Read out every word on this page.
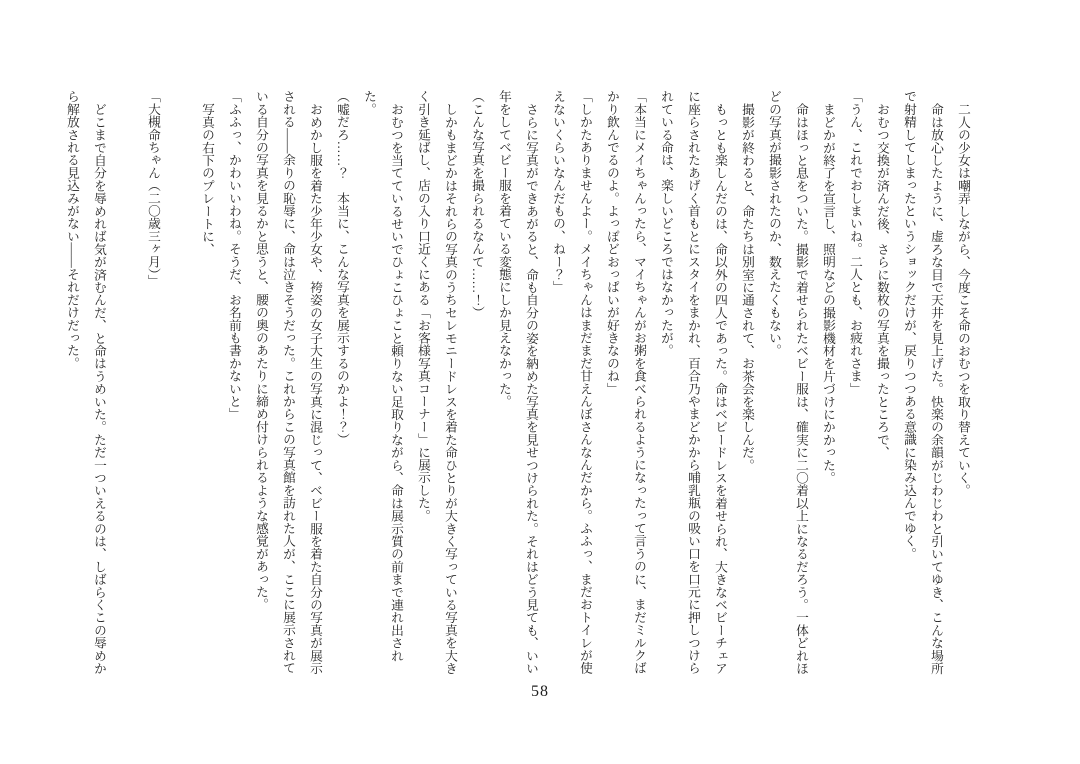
二人の少女は嘲弄しながら、今度こそ命のおむつを取り替えていく。

命は放心したように、虚ろな目で天井を見上げた。快楽の余韻がじわじわと引いてゆき、こんな場所で射精してしまったというショックだけが、戻りつつある意識に染み込んでゆく。

おむつ交換が済んだ後、さらに数枚の写真を撮ったところで、

「うん、これでおしまいね。二人とも、お疲れさま」

まどかが終了を宣言し、照明などの撮影機材を片づけにかかった。

命はほっと息をついた。撮影で着せられたベビー服は、確実に二〇着以上になるだろう。一体どれほどの写真が撮影されたのか、数えたくもない。

撮影が終わると、命たちは別室に通されて、お茶会を楽しんだ。

もっとも楽しんだのは、命以外の四人であった。命はベビードレスを着せられ、大きなベビーチェアに座らされたあげく首もとにスタイをまかれ、百合乃やまどかから哺乳瓶の吸い口を口元に押しつけられている命は、楽しいどころではなかったが。

「本当にメイちゃんったら、マイちゃんがお粥を食べられるようになったって言うのに、まだミルクばかり飲んでるのよ。よっぽどおっぱいが好きなのね」

「しかたありませんよー。メイちゃんはまだまだ甘えんぼさんなんだから。ふふっ、まだおトイレが使えないくらいなんだもの、ねー？」

さらに写真ができあがると、命も自分の姿を納めた写真を見せつけられた。それはどう見ても、いい年をしてベビー服を着ている変態にしか見えなかった。

（こんな写真を撮られるなんて……！）

しかもまどかはそれらの写真のうちセレモニードレスを着た命ひとりが大きく写っている写真を大きく引き延ばし、店の入り口近くにある「お客様写真コーナー」に展示した。

おむつを当てているせいでひょこひょこと頼りない足取りながら、命は展示質の前まで連れ出された。

（嘘だろ……？　本当に、こんな写真を展示するのかよ！？）

おめかし服を着た少年少女や、袴姿の女子大生の写真に混じって、ベビー服を着た自分の写真が展示される——余りの恥辱に、命は泣きそうだった。これからこの写真館を訪れた人が、ここに展示されている自分の写真を見るかと思うと、腰の奥のあたりに締め付けられるような感覚があった。

「ふふっ、かわいいわね。そうだ、お名前も書かないと」

写真の右下のプレートに、

「大槻命ちゃん（二〇歳三ヶ月）」

どこまで自分を辱めれば気が済むんだ、と命はうめいた。ただ一ついえるのは、しばらくこの辱めから解放される見込みがない——それだけだった。

58
